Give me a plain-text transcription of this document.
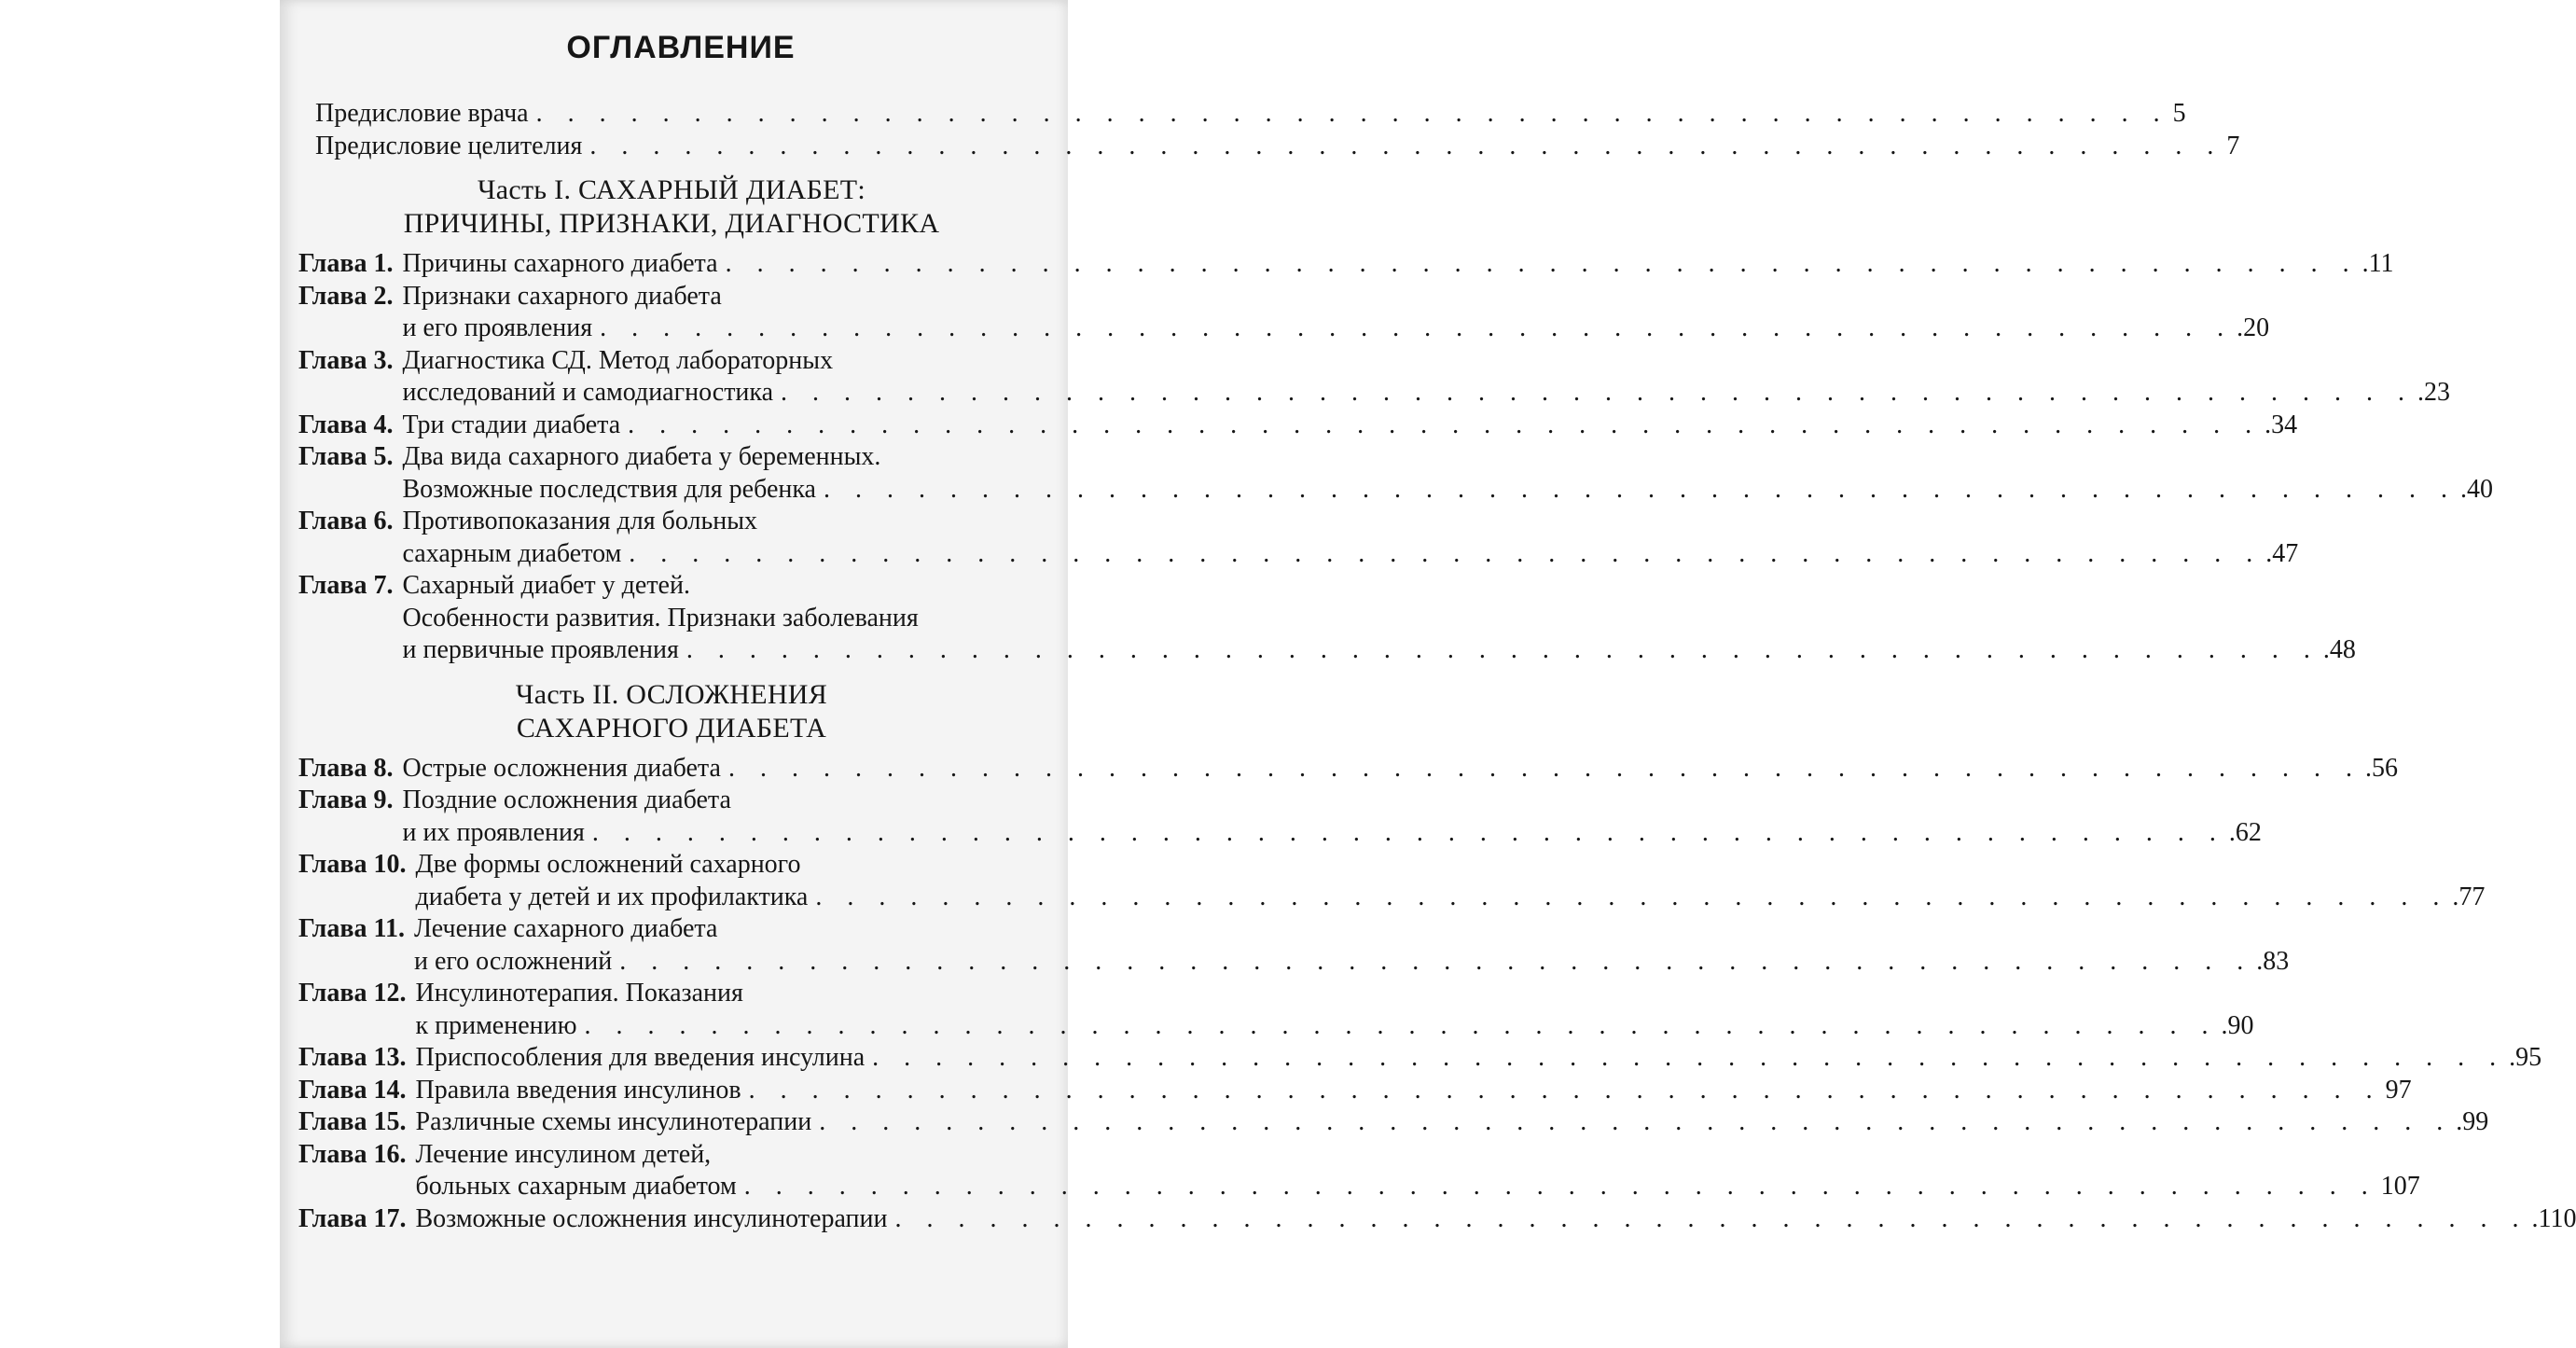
ОГЛАВЛЕНИЕ
Предисловие врача . . . . . . . . . . . . . . . . . . . . . . . . . . . . . . . . . . . . . . . . . . . . . . . . . . . . 5
Предисловие целителия . . . . . . . . . . . . . . . . . . . . . . . . . . . . . . . . . . . . . . . . . . . . . . . . . . . . 7
Часть I. САХАРНЫЙ ДИАБЕТ:
ПРИЧИНЫ, ПРИЗНАКИ, ДИАГНОСТИКА
Глава 1. Причины сахарного диабета . . . . . . . . . . . . . . . . . . . . . . . . . . . . . . . . . . . . . . . . . . . . . . . . . . . . .11
Глава 2. Признаки сахарного диабета
и его проявления . . . . . . . . . . . . . . . . . . . . . . . . . . . . . . . . . . . . . . . . . . . . . . . . . . . . .20
Глава 3. Диагностика СД. Метод лабораторных
исследований и самодиагностика . . . . . . . . . . . . . . . . . . . . . . . . . . . . . . . . . . . . . . . . . . . . . . . . . . . . .23
Глава 4. Три стадии диабета . . . . . . . . . . . . . . . . . . . . . . . . . . . . . . . . . . . . . . . . . . . . . . . . . . . . .34
Глава 5. Два вида сахарного диабета у беременных.
Возможные последствия для ребенка . . . . . . . . . . . . . . . . . . . . . . . . . . . . . . . . . . . . . . . . . . . . . . . . . . . . .40
Глава 6. Противопоказания для больных
сахарным диабетом . . . . . . . . . . . . . . . . . . . . . . . . . . . . . . . . . . . . . . . . . . . . . . . . . . . . .47
Глава 7. Сахарный диабет у детей.
Особенности развития. Признаки заболевания
и первичные проявления . . . . . . . . . . . . . . . . . . . . . . . . . . . . . . . . . . . . . . . . . . . . . . . . . . . . .48
Часть II. ОСЛОЖНЕНИЯ
САХАРНОГО ДИАБЕТА
Глава 8. Острые осложнения диабета . . . . . . . . . . . . . . . . . . . . . . . . . . . . . . . . . . . . . . . . . . . . . . . . . . . . .56
Глава 9. Поздние осложнения диабета
и их проявления . . . . . . . . . . . . . . . . . . . . . . . . . . . . . . . . . . . . . . . . . . . . . . . . . . . . .62
Глава 10. Две формы осложнений сахарного
диабета у детей и их профилактика . . . . . . . . . . . . . . . . . . . . . . . . . . . . . . . . . . . . . . . . . . . . . . . . . . . . .77
Глава 11. Лечение сахарного диабета
и его осложнений . . . . . . . . . . . . . . . . . . . . . . . . . . . . . . . . . . . . . . . . . . . . . . . . . . . . .83
Глава 12. Инсулинотерапия. Показания
к применению . . . . . . . . . . . . . . . . . . . . . . . . . . . . . . . . . . . . . . . . . . . . . . . . . . . . .90
Глава 13. Приспособления для введения инсулина . . . . . . . . . . . . . . . . . . . . . . . . . . . . . . . . . . . . . . . . . . . . . . . . . . . . .95
Глава 14. Правила введения инсулинов . . . . . . . . . . . . . . . . . . . . . . . . . . . . . . . . . . . . . . . . . . . . . . . . . . . . 97
Глава 15. Различные схемы инсулинотерапии . . . . . . . . . . . . . . . . . . . . . . . . . . . . . . . . . . . . . . . . . . . . . . . . . . . . .99
Глава 16. Лечение инсулином детей,
больных сахарным диабетом . . . . . . . . . . . . . . . . . . . . . . . . . . . . . . . . . . . . . . . . . . . . . . . . . . . . 107
Глава 17. Возможные осложнения инсулинотерапии . . . . . . . . . . . . . . . . . . . . . . . . . . . . . . . . . . . . . . . . . . . . . . . . . . . . .110
